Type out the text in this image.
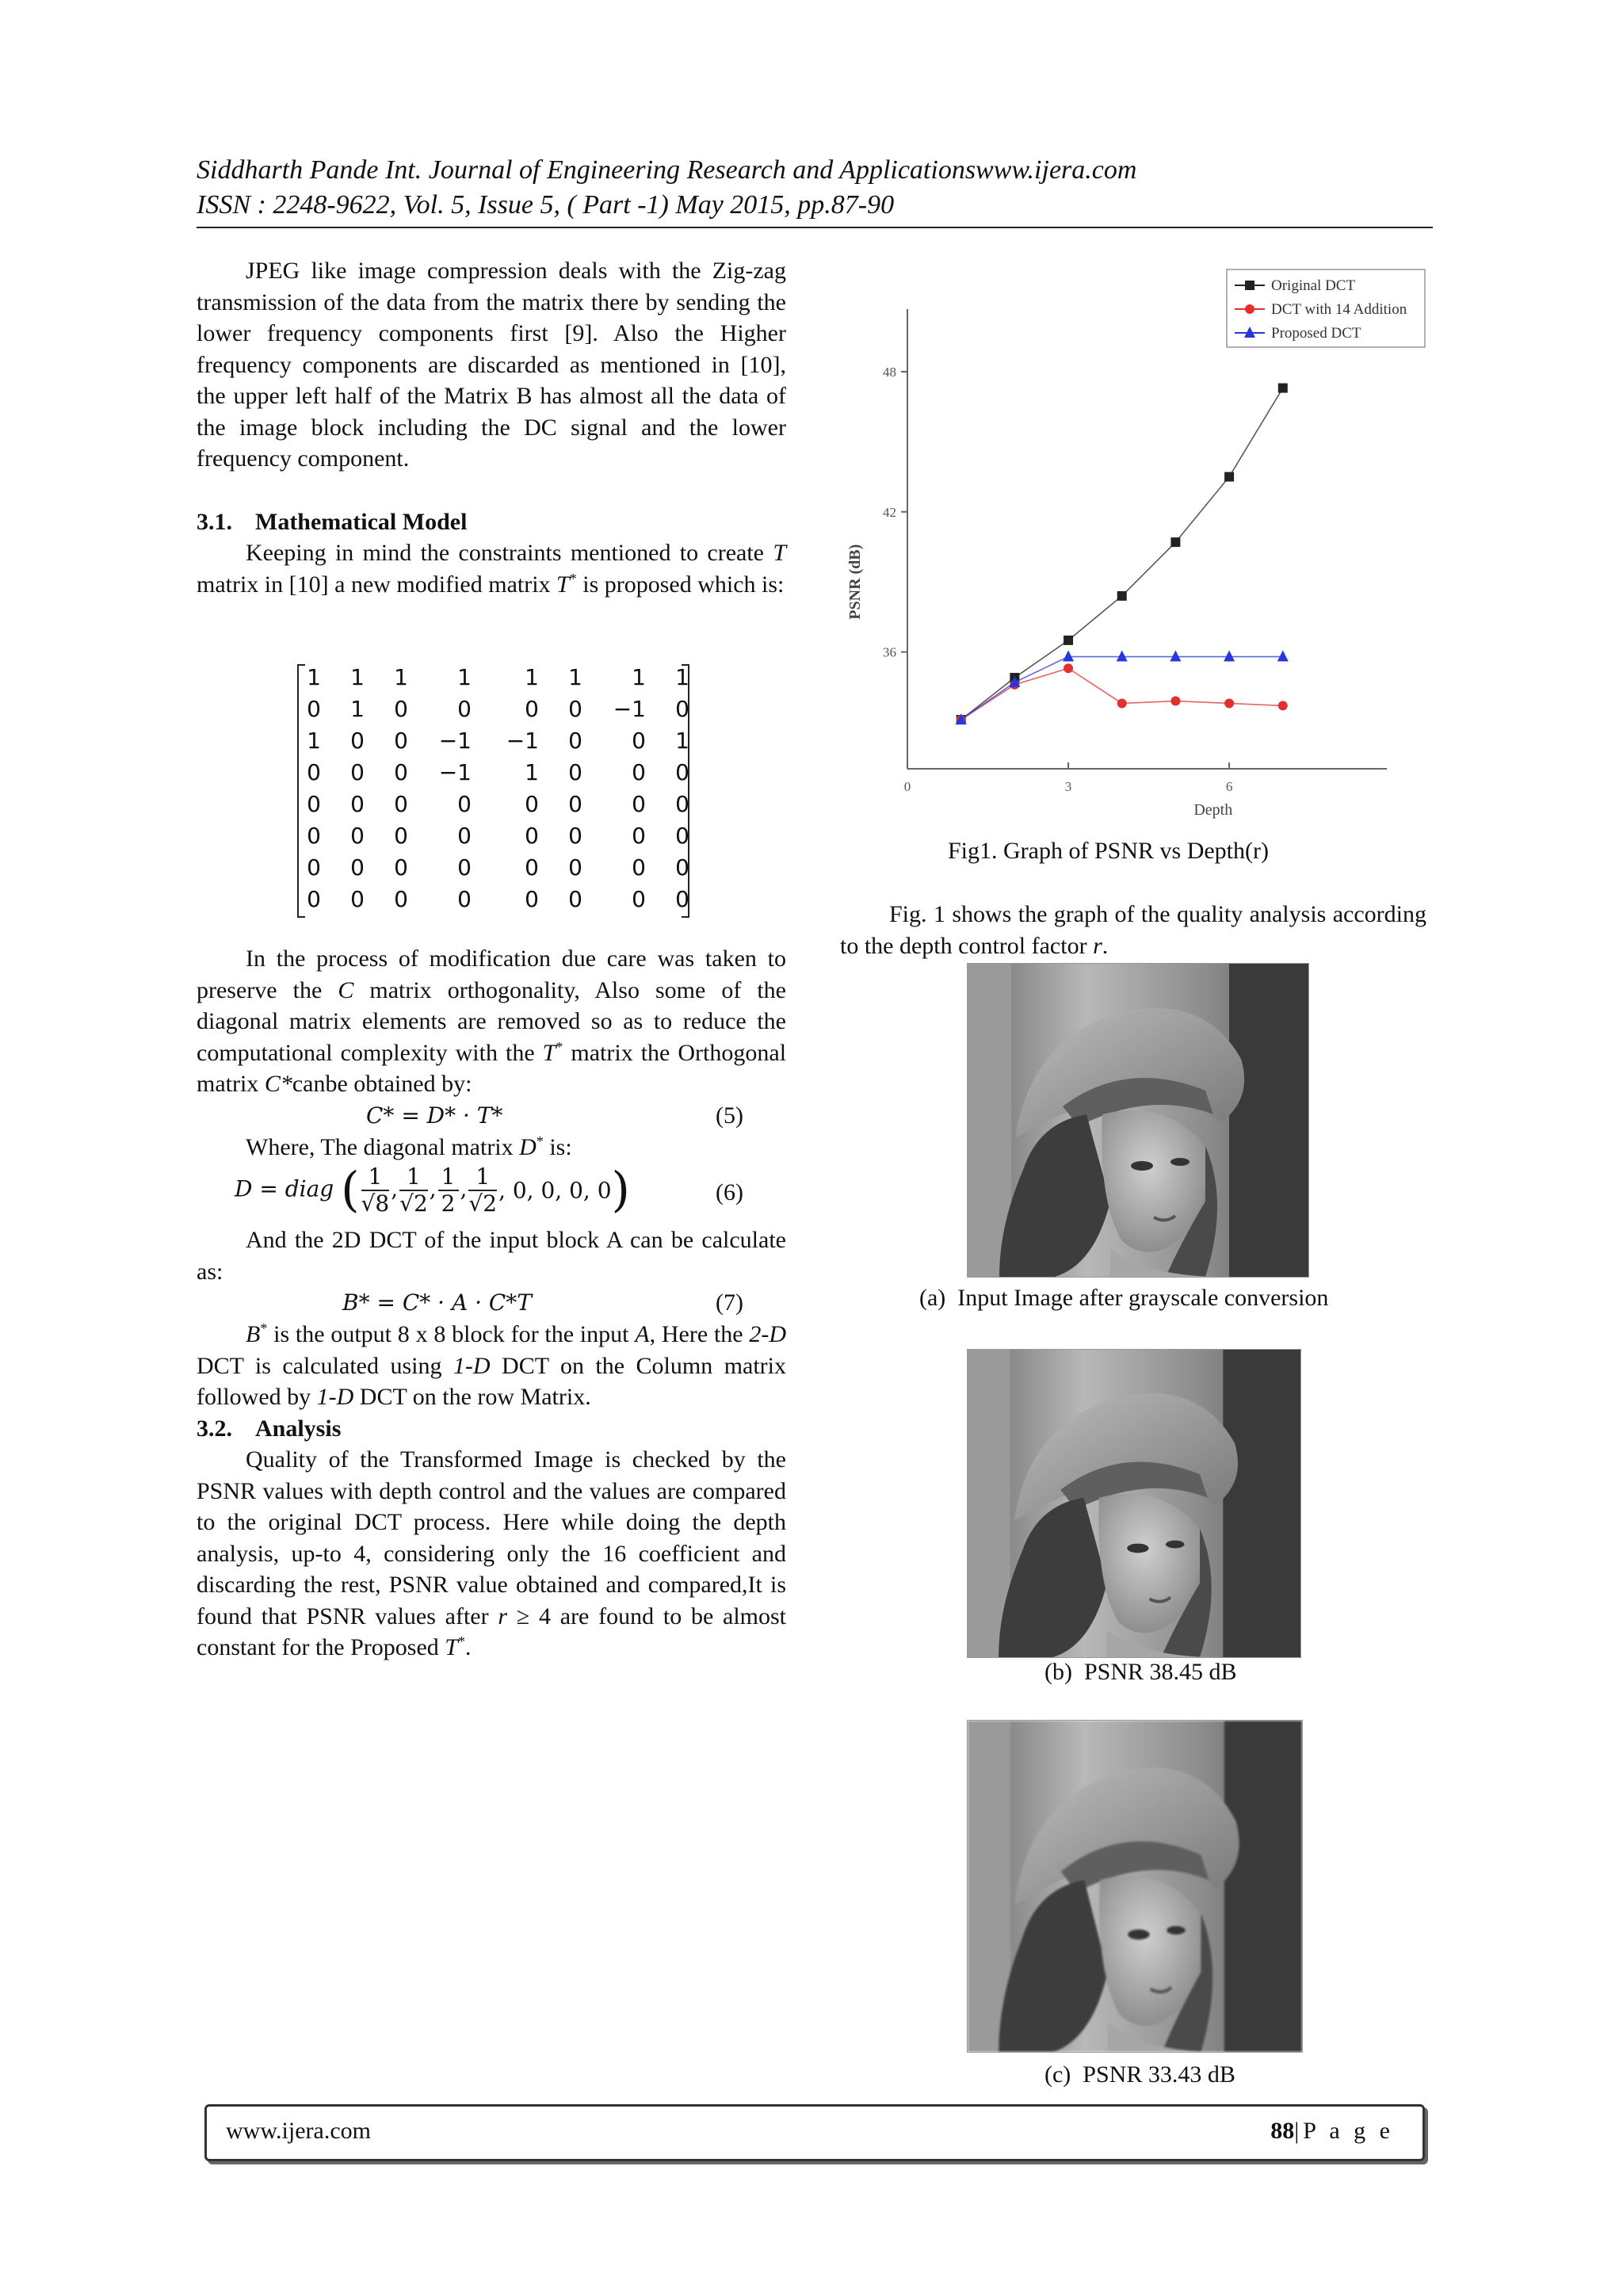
Siddharth Pande Int. Journal of Engineering Research and Applicationswww.ijera.com
ISSN : 2248-9622, Vol. 5, Issue 5, ( Part -1) May 2015, pp.87-90

JPEG like image compression deals with the Zig-zag transmission of the data from the matrix there by sending the lower frequency components first [9]. Also the Higher frequency components are discarded as mentioned in [10], the upper left half of the Matrix B has almost all the data of the image block including the DC signal and the lower frequency component.

3.1. Mathematical Model

Keeping in mind the constraints mentioned to create T matrix in [10] a new modified matrix T* is proposed which is:

1	1	1	1	1	1	1	1
0	1	0	0	0	0	−1	0
1	0	0	−1	−1	0	0	1
0	0	0	−1	1	0	0	0
0	0	0	0	0	0	0	0
0	0	0	0	0	0	0	0
0	0	0	0	0	0	0	0
0	0	0	0	0	0	0	0

In the process of modification due care was taken to preserve the C matrix orthogonality, Also some of the diagonal matrix elements are removed so as to reduce the computational complexity with the T* matrix the Orthogonal matrix C*canbe obtained by:

C* = D* · T*	(5)

Where, The diagonal matrix D* is:

D = diag ( $\frac{1}{√8}$ , $\frac{1}{√2}$ , $\frac{1}{2}$ , $\frac{1}{√2}$ , 0, 0, 0, 0)	(6)

And the 2D DCT of the input block A can be calculate as:

B* = C* · A · C*T	(7)

B* is the output 8 x 8 block for the input A, Here the 2-D DCT is calculated using 1-D DCT on the Column matrix followed by 1-D DCT on the row Matrix.

3.2. Analysis

Quality of the Transformed Image is checked by the PSNR values with depth control and the values are compared to the original DCT process. Here while doing the depth analysis, up-to 4, considering only the 16 coefficient and discarding the rest, PSNR value obtained and compared,It is found that PSNR values after r ≥ 4 are found to be almost constant for the Proposed T*.

0	3	6
36
42
48
Depth
PSNR (dB)
Original DCT
DCT with 14 Addition
Proposed DCT
Fig1. Graph of PSNR vs Depth(r)

Fig. 1 shows the graph of the quality analysis according to the depth control factor r.

(a) Input Image after grayscale conversion
(b) PSNR 38.45 dB
(c) PSNR 33.43 dB
www.ijera.com	88|P a g e
